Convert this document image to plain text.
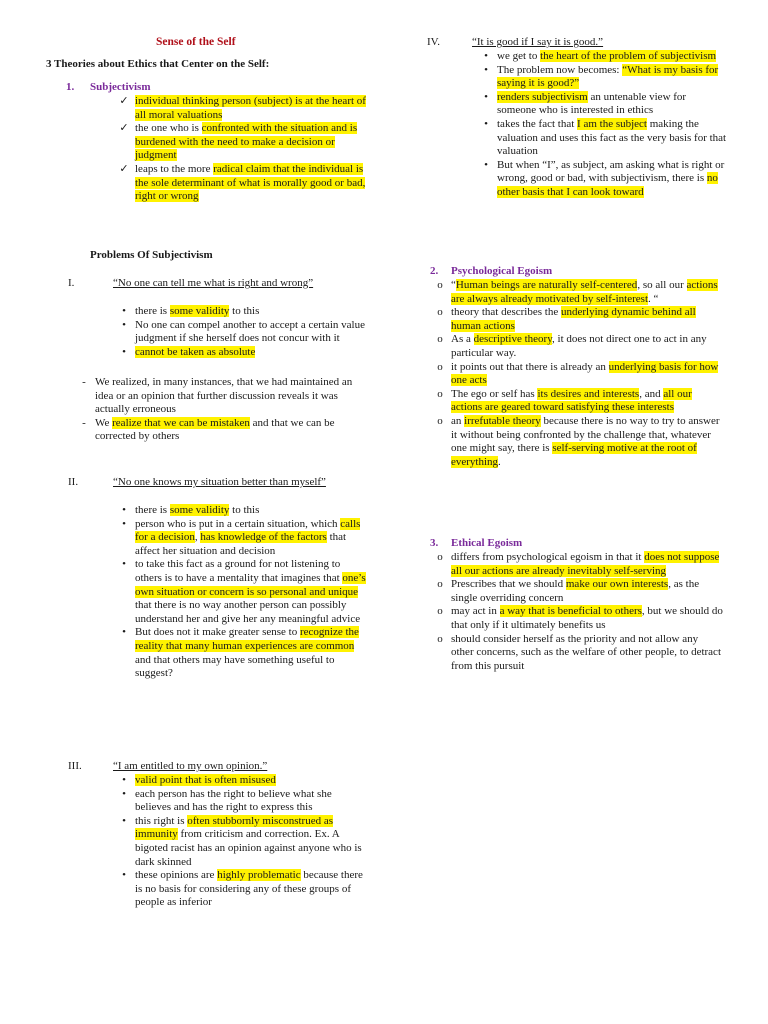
Sense of the Self
3 Theories about Ethics that Center on the Self:
1. Subjectivism
✓ individual thinking person (subject) is at the heart of all moral valuations
✓ the one who is confronted with the situation and is burdened with the need to make a decision or judgment
✓ leaps to the more radical claim that the individual is the sole determinant of what is morally good or bad, right or wrong
Problems Of Subjectivism
I.	“No one can tell me what is right and wrong”
• there is some validity to this
• No one can compel another to accept a certain value judgment if she herself does not concur with it
• cannot be taken as absolute
- We realized, in many instances, that we had maintained an idea or an opinion that further discussion reveals it was actually erroneous
- We realize that we can be mistaken and that we can be corrected by others
II.	“No one knows my situation better than myself”
• there is some validity to this
• person who is put in a certain situation, which calls for a decision, has knowledge of the factors that affect her situation and decision
• to take this fact as a ground for not listening to others is to have a mentality that imagines that one’s own situation or concern is so personal and unique that there is no way another person can possibly understand her and give her any meaningful advice
• But does not it make greater sense to recognize the reality that many human experiences are common and that others may have something useful to suggest?
III.	“I am entitled to my own opinion.”
• valid point that is often misused
• each person has the right to believe what she believes and has the right to express this
• this right is often stubbornly misconstrued as immunity from criticism and correction. Ex. A bigoted racist has an opinion against anyone who is dark skinned
• these opinions are highly problematic because there is no basis for considering any of these groups of people as inferior
IV.	“It is good if I say it is good.”
• we get to the heart of the problem of subjectivism
• The problem now becomes: “What is my basis for saying it is good?”
• renders subjectivism an untenable view for someone who is interested in ethics
• takes the fact that I am the subject making the valuation and uses this fact as the very basis for that valuation
• But when “I”, as subject, am asking what is right or wrong, good or bad, with subjectivism, there is no other basis that I can look toward
2. Psychological Egoism
o “Human beings are naturally self-centered, so all our actions are always already motivated by self-interest. “
o theory that describes the underlying dynamic behind all human actions
o As a descriptive theory, it does not direct one to act in any particular way.
o it points out that there is already an underlying basis for how one acts
o The ego or self has its desires and interests, and all our actions are geared toward satisfying these interests
o an irrefutable theory because there is no way to try to answer it without being confronted by the challenge that, whatever one might say, there is self-serving motive at the root of everything.
3. Ethical Egoism
o differs from psychological egoism in that it does not suppose all our actions are already inevitably self-serving
o Prescribes that we should make our own interests, as the single overriding concern
o may act in a way that is beneficial to others, but we should do that only if it ultimately benefits us
o should consider herself as the priority and not allow any other concerns, such as the welfare of other people, to detract from this pursuit
